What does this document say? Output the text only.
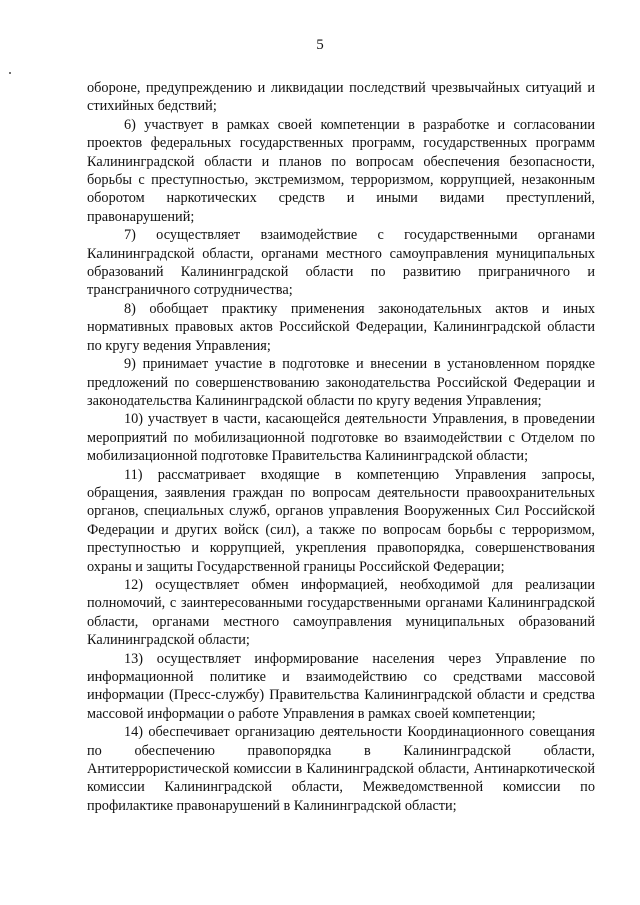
5

обороне, предупреждению и ликвидации последствий чрезвычайных ситуаций и стихийных бедствий;

6) участвует в рамках своей компетенции в разработке и согласовании проектов федеральных государственных программ, государственных программ Калининградской области и планов по вопросам обеспечения безопасности, борьбы с преступностью, экстремизмом, терроризмом, коррупцией, незаконным оборотом наркотических средств и иными видами преступлений, правонарушений;

7) осуществляет взаимодействие с государственными органами Калининградской области, органами местного самоуправления муниципальных образований Калининградской области по развитию приграничного и трансграничного сотрудничества;

8) обобщает практику применения законодательных актов и иных нормативных правовых актов Российской Федерации, Калининградской области по кругу ведения Управления;

9) принимает участие в подготовке и внесении в установленном порядке предложений по совершенствованию законодательства Российской Федерации и законодательства Калининградской области по кругу ведения Управления;

10) участвует в части, касающейся деятельности Управления, в проведении мероприятий по мобилизационной подготовке во взаимодействии с Отделом по мобилизационной подготовке Правительства Калининградской области;

11) рассматривает входящие в компетенцию Управления запросы, обращения, заявления граждан по вопросам деятельности правоохранительных органов, специальных служб, органов управления Вооруженных Сил Российской Федерации и других войск (сил), а также по вопросам борьбы с терроризмом, преступностью и коррупцией, укрепления правопорядка, совершенствования охраны и защиты Государственной границы Российской Федерации;

12) осуществляет обмен информацией, необходимой для реализации полномочий, с заинтересованными государственными органами Калининградской области, органами местного самоуправления муниципальных образований Калининградской области;

13) осуществляет информирование населения через Управление по информационной политике и взаимодействию со средствами массовой информации (Пресс-службу) Правительства Калининградской области и средства массовой информации о работе Управления в рамках своей компетенции;

14) обеспечивает организацию деятельности Координационного совещания по обеспечению правопорядка в Калининградской области, Антитеррористической комиссии в Калининградской области, Антинаркотической комиссии Калининградской области, Межведомственной комиссии по профилактике правонарушений в Калининградской области;
